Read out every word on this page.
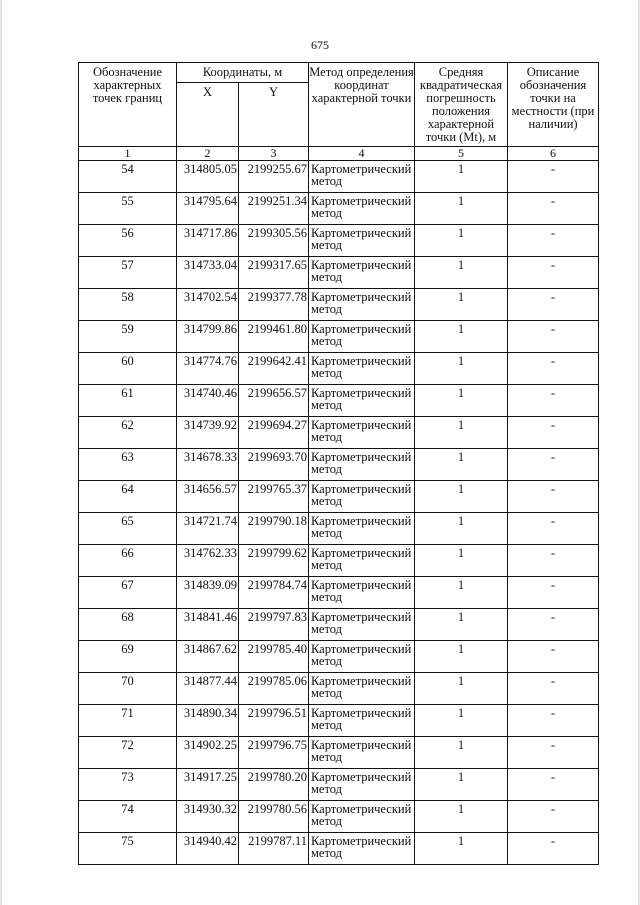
675
Обозначение характерных точек границ	Координаты, м		Метод определения координат характерной точки	Средняя квадратическая погрешность положения характерной точки (Mt), м	Описание обозначения точки на местности (при наличии)
	X	Y			
1	2	3	4	5	6
54	314805.05	2199255.67	Картометрический метод	1	-
55	314795.64	2199251.34	Картометрический метод	1	-
56	314717.86	2199305.56	Картометрический метод	1	-
57	314733.04	2199317.65	Картометрический метод	1	-
58	314702.54	2199377.78	Картометрический метод	1	-
59	314799.86	2199461.80	Картометрический метод	1	-
60	314774.76	2199642.41	Картометрический метод	1	-
61	314740.46	2199656.57	Картометрический метод	1	-
62	314739.92	2199694.27	Картометрический метод	1	-
63	314678.33	2199693.70	Картометрический метод	1	-
64	314656.57	2199765.37	Картометрический метод	1	-
65	314721.74	2199790.18	Картометрический метод	1	-
66	314762.33	2199799.62	Картометрический метод	1	-
67	314839.09	2199784.74	Картометрический метод	1	-
68	314841.46	2199797.83	Картометрический метод	1	-
69	314867.62	2199785.40	Картометрический метод	1	-
70	314877.44	2199785.06	Картометрический метод	1	-
71	314890.34	2199796.51	Картометрический метод	1	-
72	314902.25	2199796.75	Картометрический метод	1	-
73	314917.25	2199780.20	Картометрический метод	1	-
74	314930.32	2199780.56	Картометрический метод	1	-
75	314940.42	2199787.11	Картометрический метод	1	-
